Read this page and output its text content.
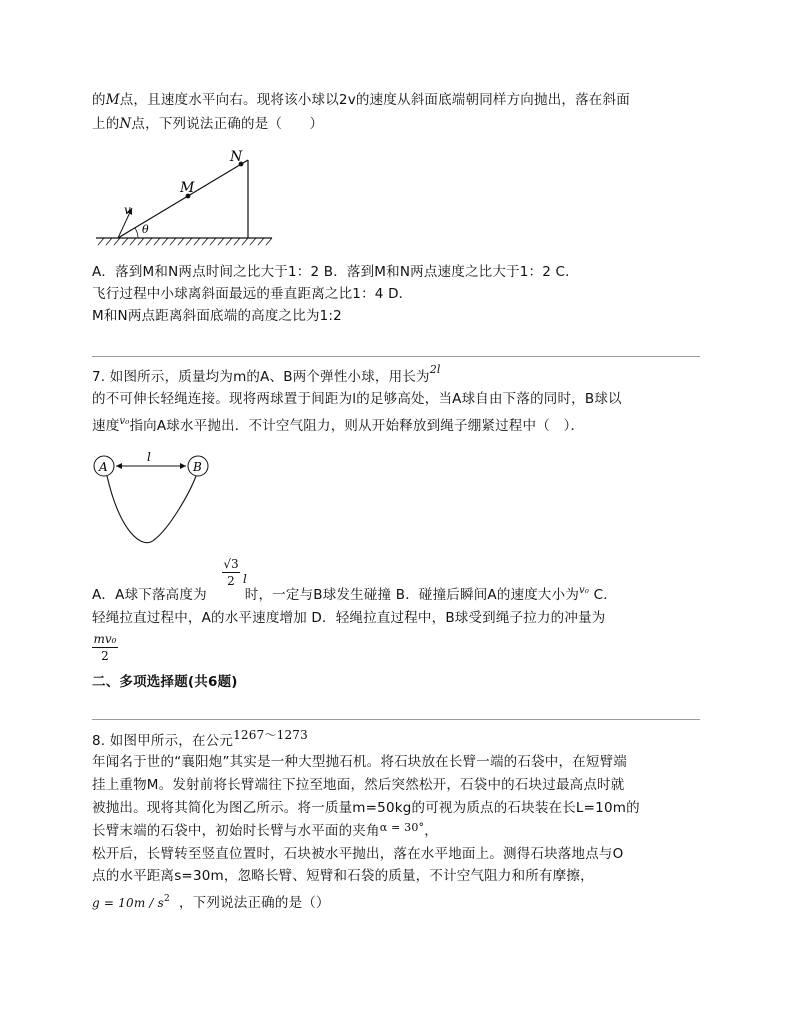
的M点，且速度水平向右。现将该小球以2v的速度从斜面底端朝同样方向抛出，落在斜面
上的N点，下列说法正确的是（　　）
M
N
v
θ
A．落到M和N两点时间之比大于1：2 B．落到M和N两点速度之比大于1：2 C．
飞行过程中小球离斜面最远的垂直距离之比1：4 D．
M和N两点距离斜面底端的高度之比为1:2
7. 如图所示，质量均为m的A、B两个弹性小球，用长为$^{2l}$
的不可伸长轻绳连接。现将两球置于间距为l的足够高处，当A球自由下落的同时，B球以
速度$^{v_0}$指向A球水平抛出．不计空气阻力，则从开始释放到绳子绷紧过程中（　）．
A	B
l
√3
2 l
A．A球下落高度为	时，一定与B球发生碰撞 B．碰撞后瞬间A的速度大小为$^{v_0}$ C．
轻绳拉直过程中，A的水平速度增加 D．轻绳拉直过程中，B球受到绳子拉力的冲量为
mv₀
2
二、多项选择题(共6题)
8. 如图甲所示，在公元1267～1273
年闻名于世的“襄阳炮”其实是一种大型抛石机。将石块放在长臂一端的石袋中，在短臂端
挂上重物M。发射前将长臂端往下拉至地面，然后突然松开，石袋中的石块过最高点时就
被抛出。现将其简化为图乙所示。将一质量m=50kg的可视为质点的石块装在长L=10m的
长臂末端的石袋中，初始时长臂与水平面的夹角$^{\alpha = 30^\circ}$，
松开后，长臂转至竖直位置时，石块被水平抛出，落在水平地面上。测得石块落地点与O
点的水平距离s=30m，忽略长臂、短臂和石袋的质量，不计空气阻力和所有摩擦，
$g = 10m / s^2$ ，下列说法正确的是（）
